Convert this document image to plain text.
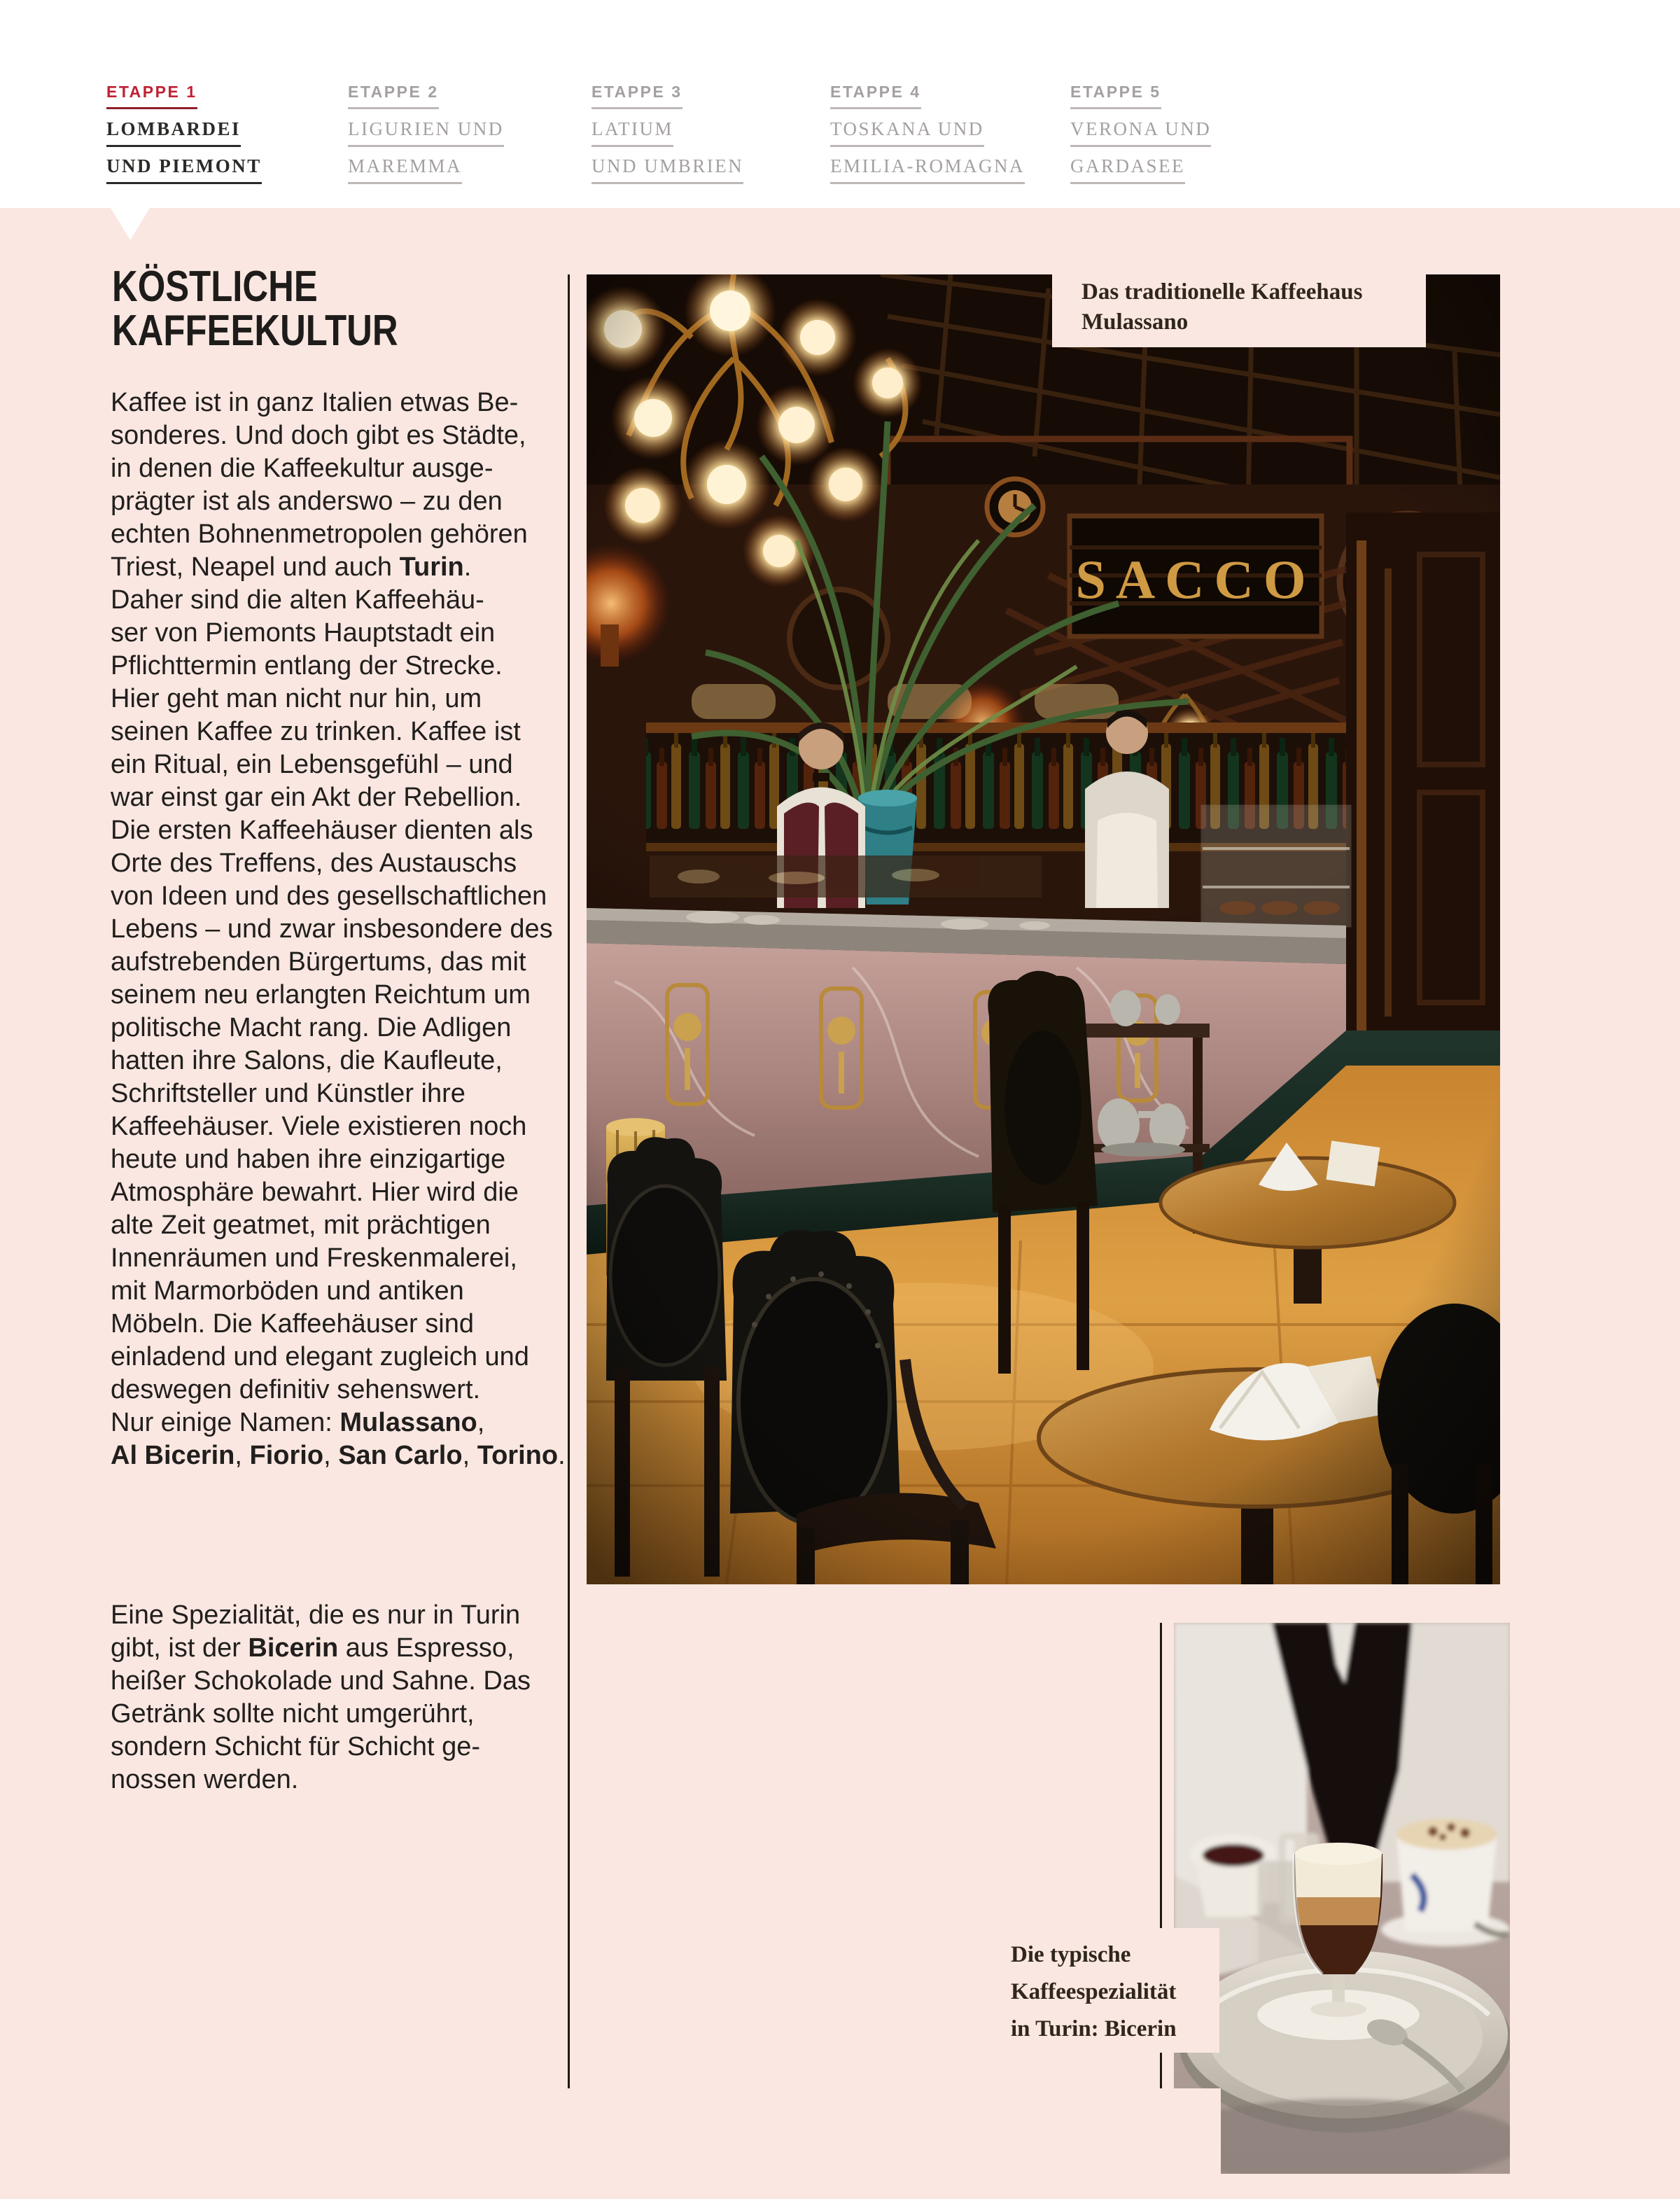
ETAPPE 1
LOMBARDEI
UND PIEMONT
ETAPPE 2
LIGURIEN UND
MAREMMA
ETAPPE 3
LATIUM
UND UMBRIEN
ETAPPE 4
TOSKANA UND
EMILIA-ROMAGNA
ETAPPE 5
VERONA UND
GARDASEE
KÖSTLICHE
KAFFEEKULTUR
Kaffee ist in ganz Italien etwas Be-
sonderes. Und doch gibt es Städte,
in denen die Kaffeekultur ausge-
prägter ist als anderswo – zu den
echten Bohnenmetropolen gehören
Triest, Neapel und auch Turin.
Daher sind die alten Kaffeehäu-
ser von Piemonts Hauptstadt ein
Pflichttermin entlang der Strecke.
Hier geht man nicht nur hin, um
seinen Kaffee zu trinken. Kaffee ist
ein Ritual, ein Lebensgefühl – und
war einst gar ein Akt der Rebellion.
Die ersten Kaffeehäuser dienten als
Orte des Treffens, des Austauschs
von Ideen und des gesellschaftlichen
Lebens – und zwar insbesondere des
aufstrebenden Bürgertums, das mit
seinem neu erlangten Reichtum um
politische Macht rang. Die Adligen
hatten ihre Salons, die Kaufleute,
Schriftsteller und Künstler ihre
Kaffeehäuser. Viele existieren noch
heute und haben ihre einzigartige
Atmosphäre bewahrt. Hier wird die
alte Zeit geatmet, mit prächtigen
Innenräumen und Freskenmalerei,
mit Marmorböden und antiken
Möbeln. Die Kaffeehäuser sind
einladend und elegant zugleich und
deswegen definitiv sehenswert.
Nur einige Namen: Mulassano,
Al Bicerin, Fiorio, San Carlo, Torino.
Eine Spezialität, die es nur in Turin
gibt, ist der Bicerin aus Espresso,
heißer Schokolade und Sahne. Das
Getränk sollte nicht umgerührt,
sondern Schicht für Schicht ge-
nossen werden.
Das traditionelle Kaffeehaus
Mulassano
Die typische
Kaffeespezialität
in Turin: Bicerin
